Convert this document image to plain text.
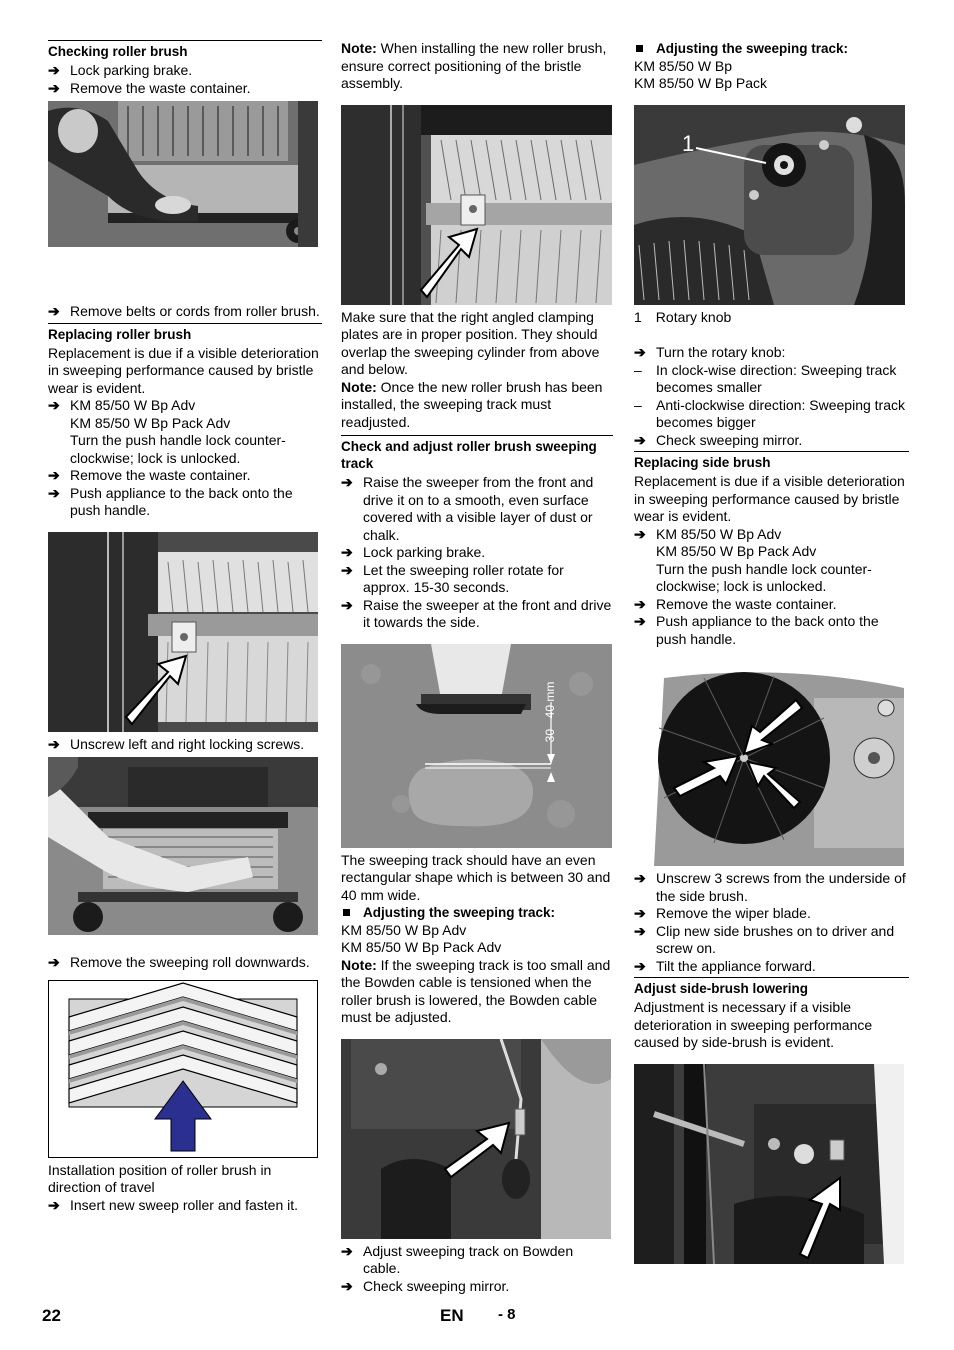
Checking roller brush
➔ Lock parking brake.
➔ Remove the waste container.
➔ Remove belts or cords from roller brush.
Replacing roller brush
Replacement is due if a visible deterioration in sweeping performance caused by bristle wear is evident.
➔ KM 85/50 W Bp Adv
KM 85/50 W Bp Pack Adv
Turn the push handle lock counter-clockwise; lock is unlocked.
➔ Remove the waste container.
➔ Push appliance to the back onto the push handle.
➔ Unscrew left and right locking screws.
➔ Remove the sweeping roll downwards.
Installation position of roller brush in direction of travel
➔ Insert new sweep roller and fasten it.
Note: When installing the new roller brush, ensure correct positioning of the bristle assembly.
Make sure that the right angled clamping plates are in proper position. They should overlap the sweeping cylinder from above and below.
Note: Once the new roller brush has been installed, the sweeping track must readjusted.
Check and adjust roller brush sweeping track
➔ Raise the sweeper from the front and drive it on to a smooth, even surface covered with a visible layer of dust or chalk.
➔ Lock parking brake.
➔ Let the sweeping roller rotate for approx. 15-30 seconds.
➔ Raise the sweeper at the front and drive it towards the side.
30 - 40 mm
The sweeping track should have an even rectangular shape which is between 30 and 40 mm wide.
Adjusting the sweeping track:
KM 85/50 W Bp Adv
KM 85/50 W Bp Pack Adv
Note: If the sweeping track is too small and the Bowden cable is tensioned when the roller brush is lowered, the Bowden cable must be adjusted.
➔ Adjust sweeping track on Bowden cable.
➔ Check sweeping mirror.
Adjusting the sweeping track:
KM 85/50 W Bp
KM 85/50 W Bp Pack
1
1 Rotary knob
➔ Turn the rotary knob:
– In clock-wise direction: Sweeping track becomes smaller
– Anti-clockwise direction: Sweeping track becomes bigger
➔ Check sweeping mirror.
Replacing side brush
Replacement is due if a visible deterioration in sweeping performance caused by bristle wear is evident.
➔ KM 85/50 W Bp Adv
KM 85/50 W Bp Pack Adv
Turn the push handle lock counter-clockwise; lock is unlocked.
➔ Remove the waste container.
➔ Push appliance to the back onto the push handle.
➔ Unscrew 3 screws from the underside of the side brush.
➔ Remove the wiper blade.
➔ Clip new side brushes on to driver and screw on.
➔ Tilt the appliance forward.
Adjust side-brush lowering
Adjustment is necessary if a visible deterioration in sweeping performance caused by side-brush is evident.
22	EN - 8
